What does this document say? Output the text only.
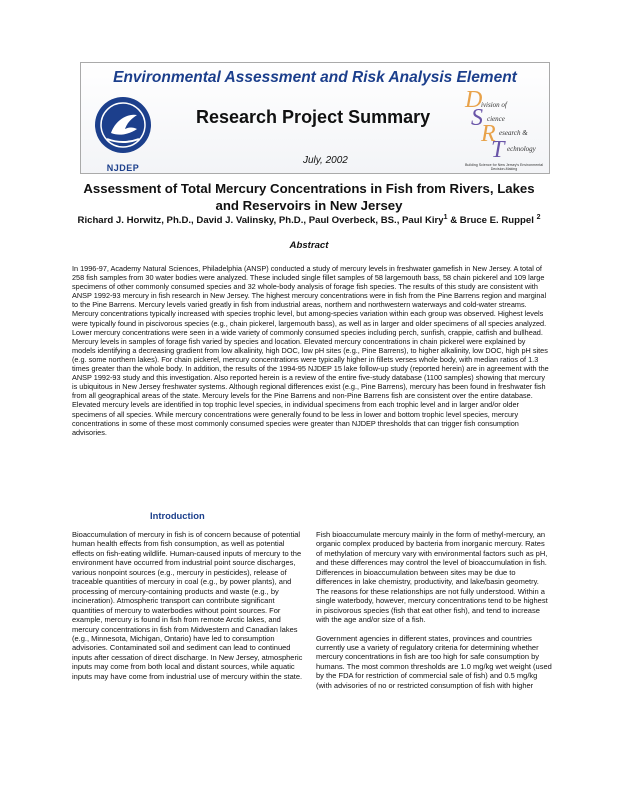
Environmental Assessment and Risk Analysis Element
NJDEP
Research Project Summary
July, 2002
D
ivision of
S cience
R esearch &
T echnology
Building Science for New Jersey's Environmental Decision-Making
Assessment of Total Mercury Concentrations in Fish from Rivers, Lakes
and Reservoirs in New Jersey
Richard J. Horwitz, Ph.D., David J. Valinsky, Ph.D., Paul Overbeck, BS., Paul Kiry$^1$ & Bruce E. Ruppel $^2$
Abstract
In 1996-97, Academy Natural Sciences, Philadelphia (ANSP) conducted a study of mercury levels in freshwater gamefish in New Jersey. A total of 258 fish samples from 30 water bodies were analyzed. These included single fillet samples of 58 largemouth bass, 58 chain pickerel and 109 large specimens of other commonly consumed species and 32 whole-body analysis of forage fish species. The results of this study are consistent with ANSP 1992-93 mercury in fish research in New Jersey. The highest mercury concentrations were in fish from the Pine Barrens region and marginal to the Pine Barrens. Mercury levels varied greatly in fish from industrial areas, northern and northwestern waterways and cold-water streams. Mercury concentrations typically increased with species trophic level, but among-species variation within each group was observed. Highest levels were typically found in piscivorous species (e.g., chain pickerel, largemouth bass), as well as in larger and older specimens of all species analyzed. Lower mercury concentrations were seen in a wide variety of commonly consumed species including perch, sunfish, crappie, catfish and bullhead. Mercury levels in samples of forage fish varied by species and location. Elevated mercury concentrations in chain pickerel were explained by models identifying a decreasing gradient from low alkalinity, high DOC, low pH sites (e.g., Pine Barrens), to higher alkalinity, low DOC, high pH sites (e.g. some northern lakes). For chain pickerel, mercury concentrations were typically higher in fillets verses whole body, with median ratios of 1.3 times greater than the whole body. In addition, the results of the 1994-95 NJDEP 15 lake follow-up study (reported herein) are in agreement with the ANSP 1992-93 study and this investigation. Also reported herein is a review of the entire five-study database (1100 samples) showing that mercury is ubiquitous in New Jersey freshwater systems. Although regional differences exist (e.g., Pine Barrens), mercury has been found in freshwater fish from all geographical areas of the state. Mercury levels for the Pine Barrens and non-Pine Barrens fish are consistent over the entire database. Elevated mercury levels are identified in top trophic level species, in individual specimens from each trophic level and in larger and/or older specimens of all species. While mercury concentrations were generally found to be less in lower and bottom trophic level species, mercury concentrations in some of these most commonly consumed species were greater than NJDEP thresholds that can trigger fish consumption advisories.
Introduction

Bioaccumulation of mercury in fish is of concern because of potential human health effects from fish consumption, as well as potential effects on fish-eating wildlife. Human-caused inputs of mercury to the environment have occurred from industrial point source discharges, various nonpoint sources (e.g., mercury in pesticides), release of traceable quantities of mercury in coal (e.g., by power plants), and processing of mercury-containing products and waste (e.g., by incineration). Atmospheric transport can contribute significant quantities of mercury to waterbodies without point sources. For example, mercury is found in fish from remote Arctic lakes, and mercury concentrations in fish from Midwestern and Canadian lakes (e.g., Minnesota, Michigan, Ontario) have led to consumption advisories. Contaminated soil and sediment can lead to continued inputs after cessation of direct discharge. In New Jersey, atmospheric inputs may come from both local and distant sources, while aquatic inputs may have come from industrial use of mercury within the state.

Fish bioaccumulate mercury mainly in the form of methyl-mercury, an organic complex produced by bacteria from inorganic mercury. Rates of methylation of mercury vary with environmental factors such as pH, and these differences may control the level of bioaccumulation in fish. Differences in bioaccumulation between sites may be due to differences in lake chemistry, productivity, and lake/basin geometry. The reasons for these relationships are not fully understood. Within a single waterbody, however, mercury concentrations tend to be highest in piscivorous species (fish that eat other fish), and tend to increase with the age and/or size of a fish.

Government agencies in different states, provinces and countries currently use a variety of regulatory criteria for determining whether mercury concentrations in fish are too high for safe consumption by humans. The most common thresholds are 1.0 mg/kg wet weight (used by the FDA for restriction of commercial sale of fish) and 0.5 mg/kg (with advisories of no or restricted consumption of fish with higher
